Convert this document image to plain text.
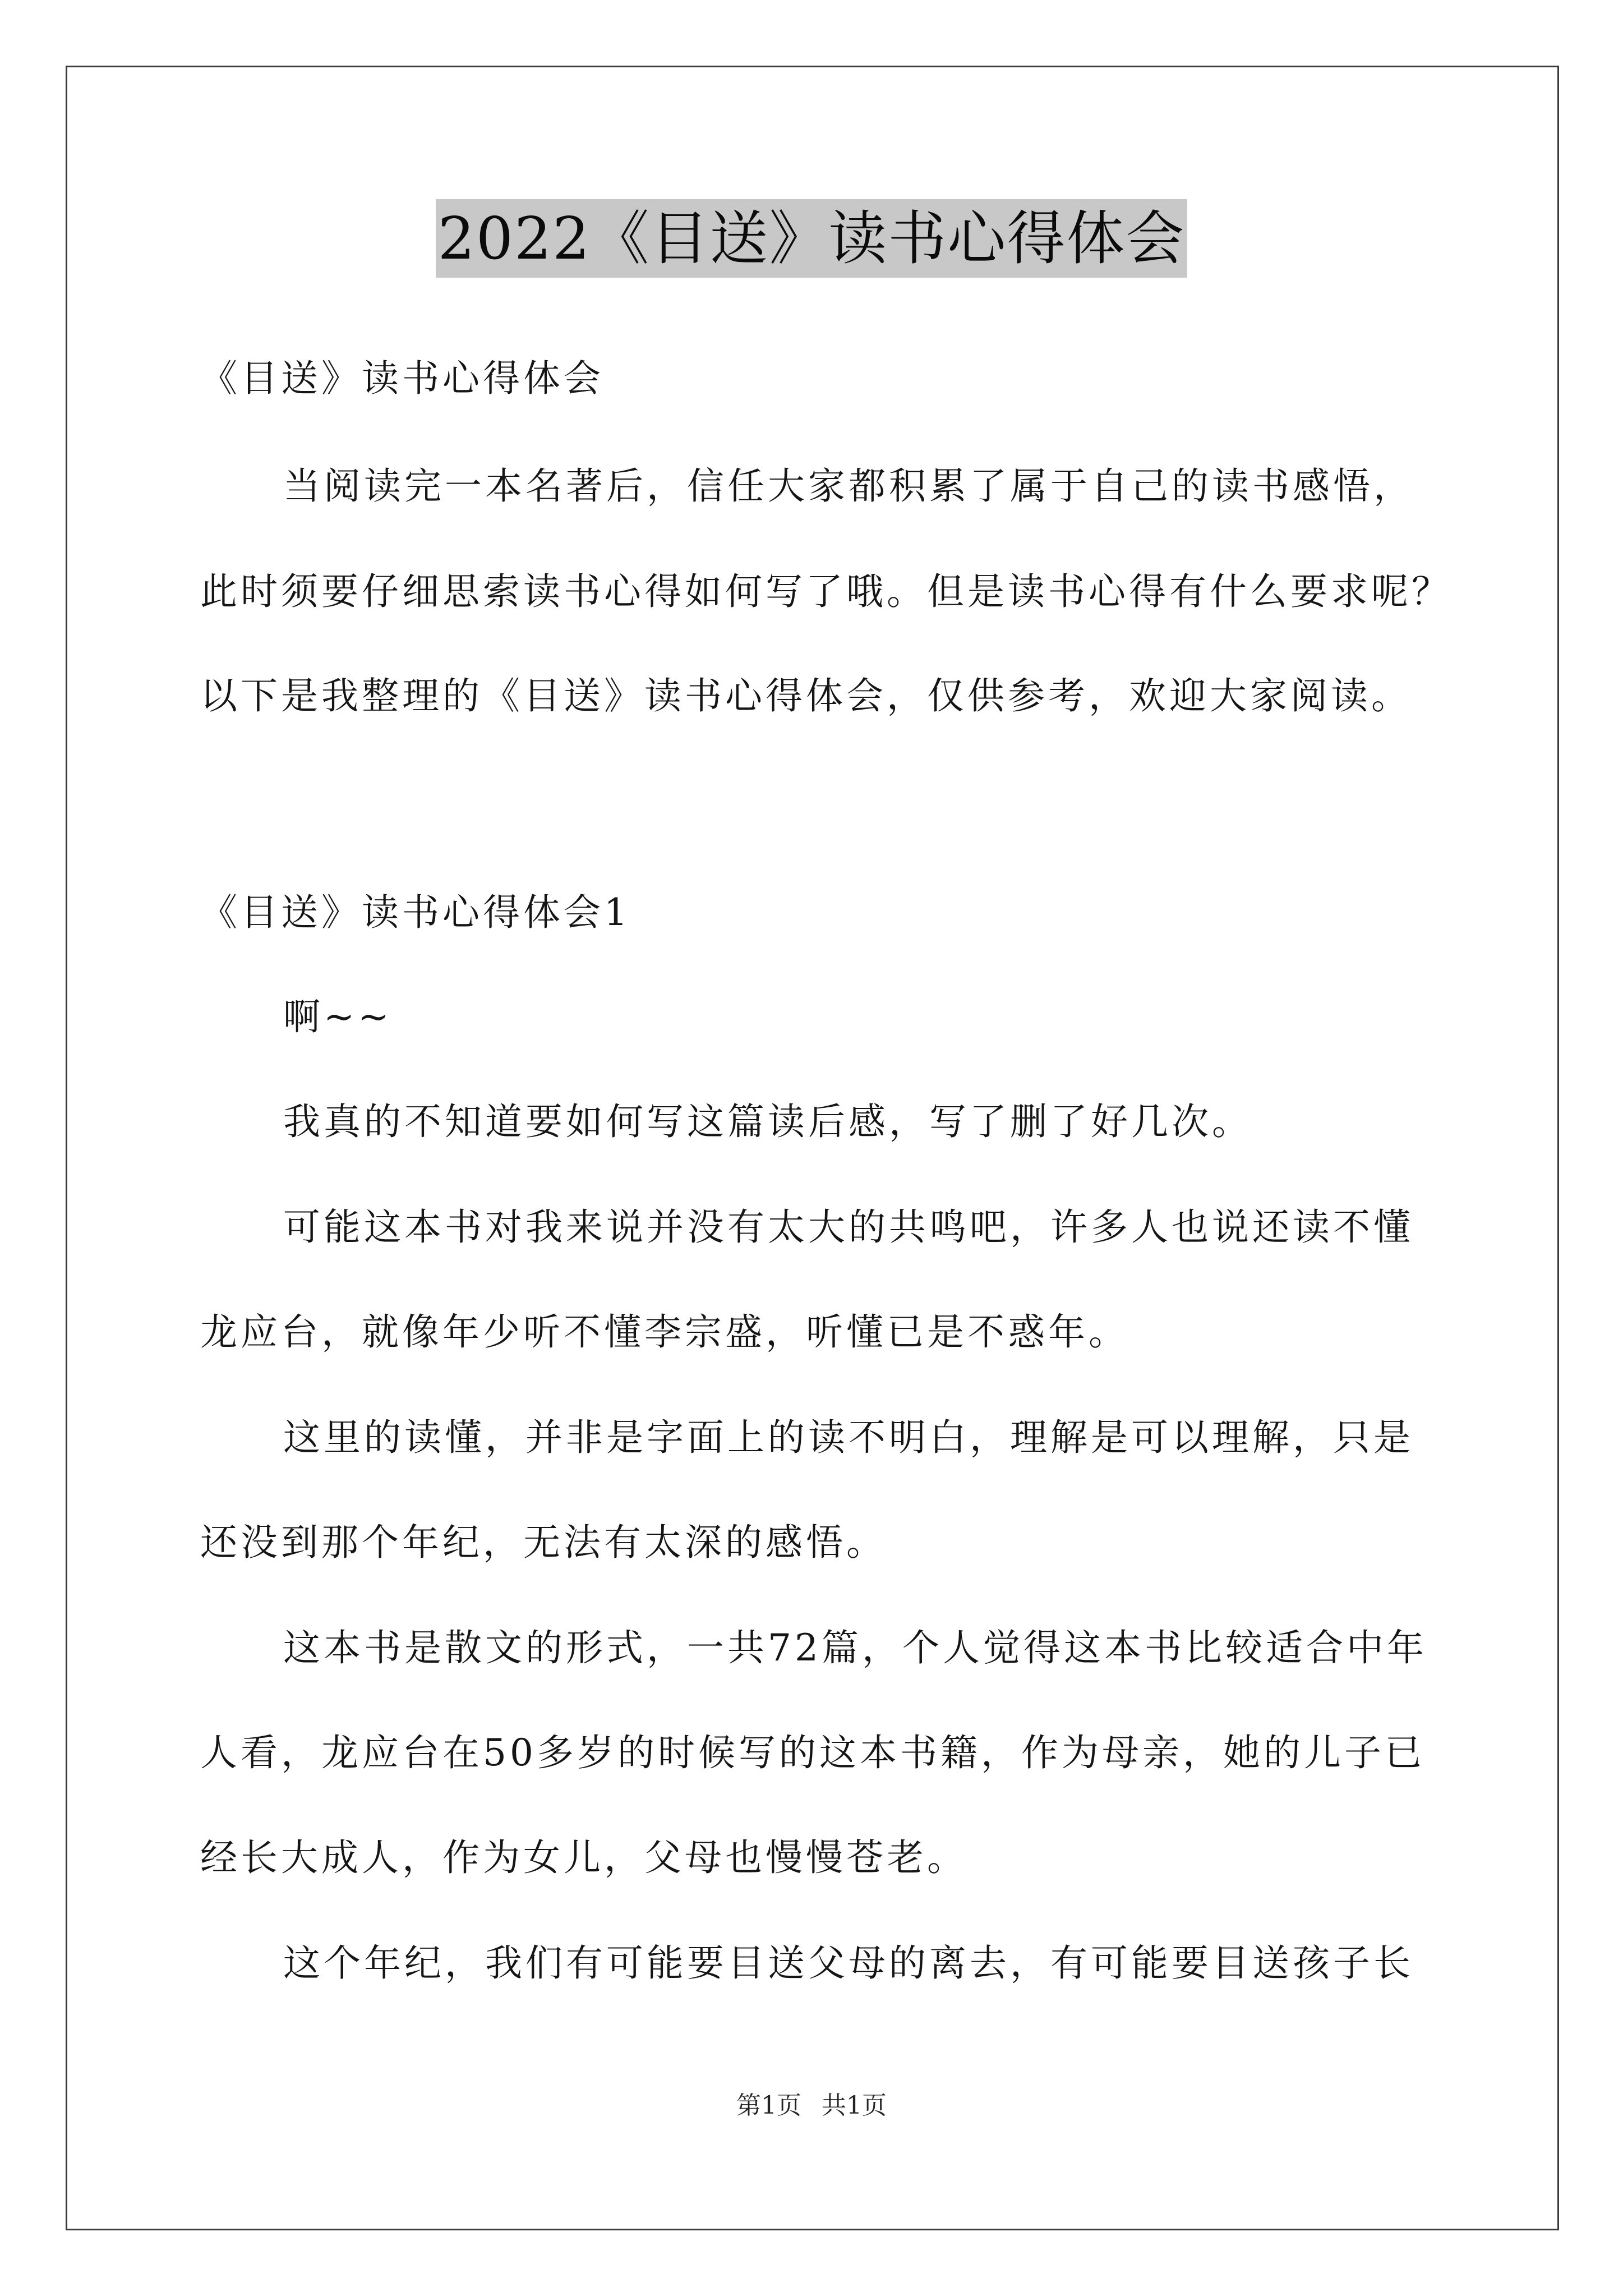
2022《目送》读书心得体会
《目送》读书心得体会
当阅读完一本名著后，信任大家都积累了属于自己的读书感悟，
此时须要仔细思索读书心得如何写了哦。但是读书心得有什么要求呢？
以下是我整理的《目送》读书心得体会，仅供参考，欢迎大家阅读。
《目送》读书心得体会1
啊~~
我真的不知道要如何写这篇读后感，写了删了好几次。
可能这本书对我来说并没有太大的共鸣吧，许多人也说还读不懂
龙应台，就像年少听不懂李宗盛，听懂已是不惑年。
这里的读懂，并非是字面上的读不明白，理解是可以理解，只是
还没到那个年纪，无法有太深的感悟。
这本书是散文的形式，一共72篇，个人觉得这本书比较适合中年
人看，龙应台在50多岁的时候写的这本书籍，作为母亲，她的儿子已
经长大成人，作为女儿，父母也慢慢苍老。
这个年纪，我们有可能要目送父母的离去，有可能要目送孩子长
第1页 共1页
